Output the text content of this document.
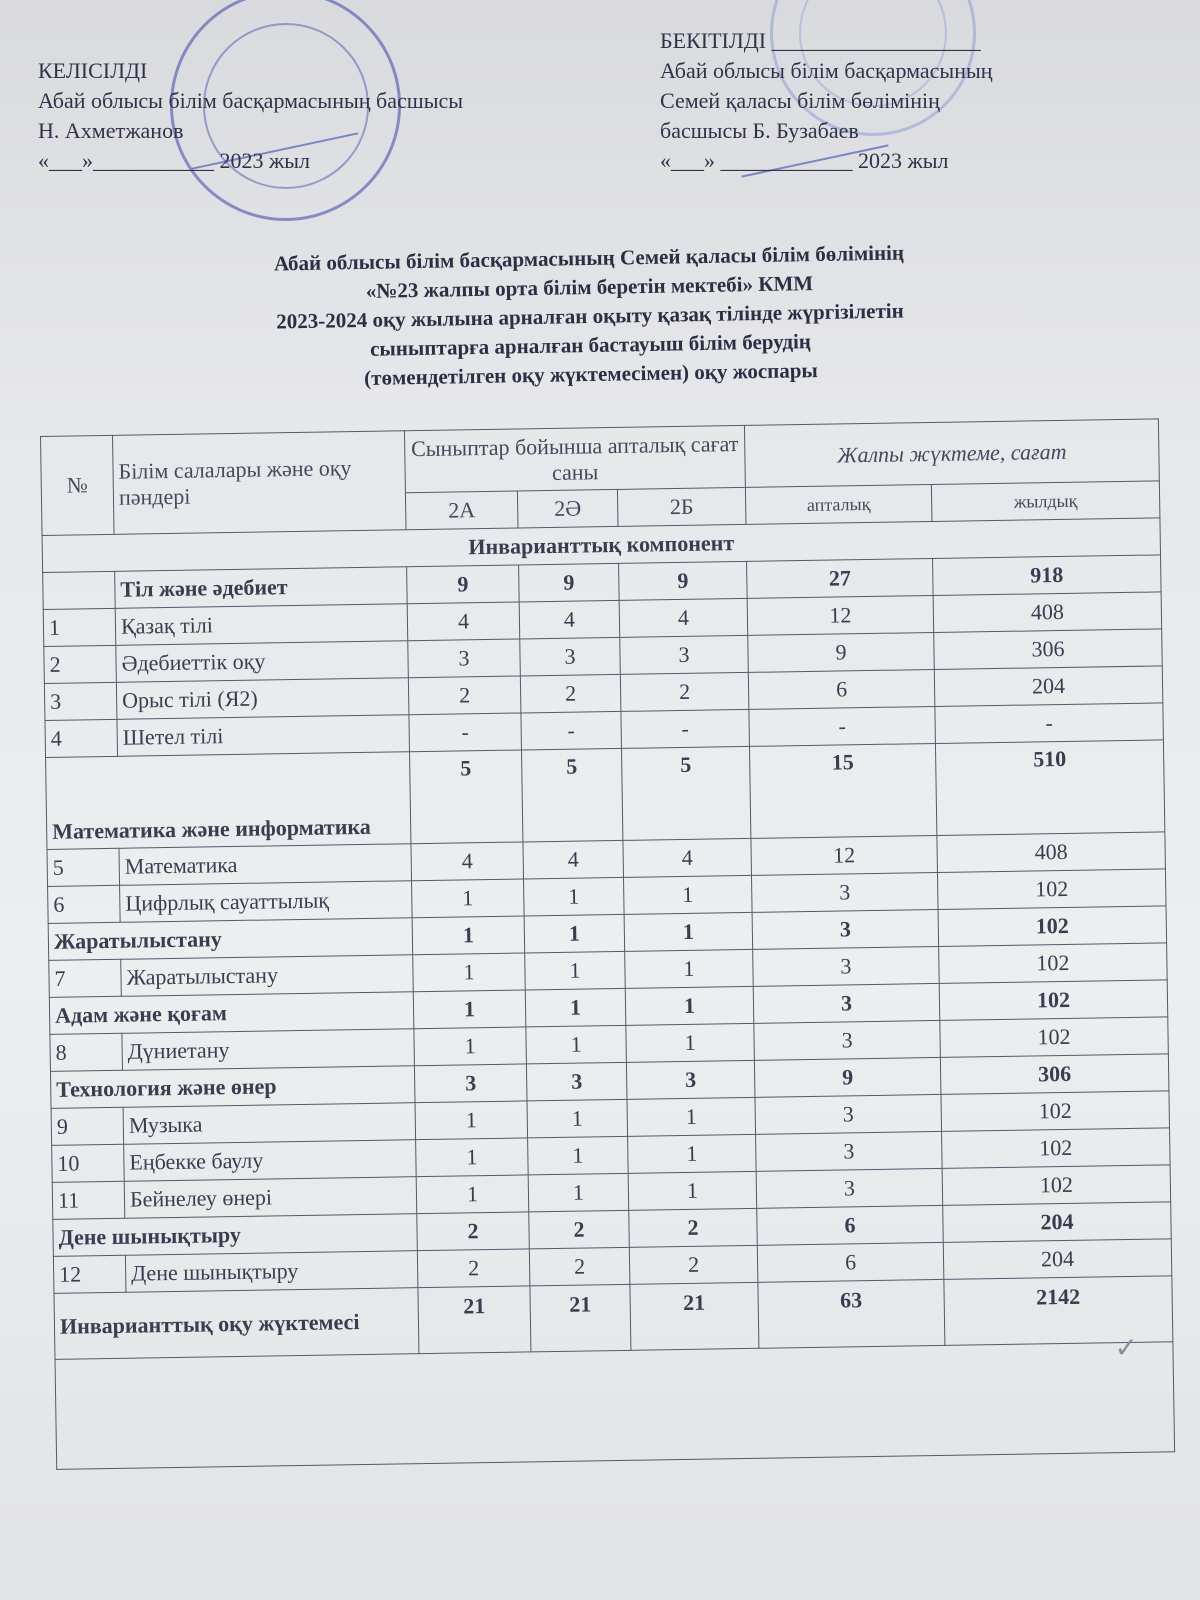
КЕЛІСІЛДІ
Абай облысы білім басқармасының басшысы
Н. Ахметжанов
«___»___________ 2023 жыл
БЕКІТІЛДІ ___________________
Абай облысы білім басқармасының
Семей қаласы білім бөлімінің
басшысы Б. Бузабаев
«___» ____________ 2023 жыл
Абай облысы білім басқармасының Семей қаласы білім бөлімінің
«№23 жалпы орта білім беретін мектебі» КММ
2023-2024 оқу жылына арналған оқыту қазақ тілінде жүргізілетін
сыныптарға арналған бастауыш білім берудің
(төмендетілген оқу жүктемесімен) оқу жоспары
№	Білім салалары және оқу пәндері	Сыныптар бойынша апталық сағат саны			Жалпы жүктеме, сағат	
		2А	2Ә	2Б	апталық	жылдық
Инварианттық компонент						
	Тіл және әдебиет	9	9	9	27	918
1	Қазақ тілі	4	4	4	12	408
2	Әдебиеттік оқу	3	3	3	9	306
3	Орыс тілі (Я2)	2	2	2	6	204
4	Шетел тілі	-	-	-	-	-
Математика және информатика		5	5	5	15	510
5	Математика	4	4	4	12	408
6	Цифрлық сауаттылық	1	1	1	3	102
Жаратылыстану		1	1	1	3	102
7	Жаратылыстану	1	1	1	3	102
Адам және қоғам		1	1	1	3	102
8	Дүниетану	1	1	1	3	102
Технология және өнер		3	3	3	9	306
9	Музыка	1	1	1	3	102
10	Еңбекке баулу	1	1	1	3	102
11	Бейнелеу өнері	1	1	1	3	102
Дене шынықтыру		2	2	2	6	204
12	Дене шынықтыру	2	2	2	6	204
Инварианттық оқу жүктемесі		21	21	21	63	2142

✓
